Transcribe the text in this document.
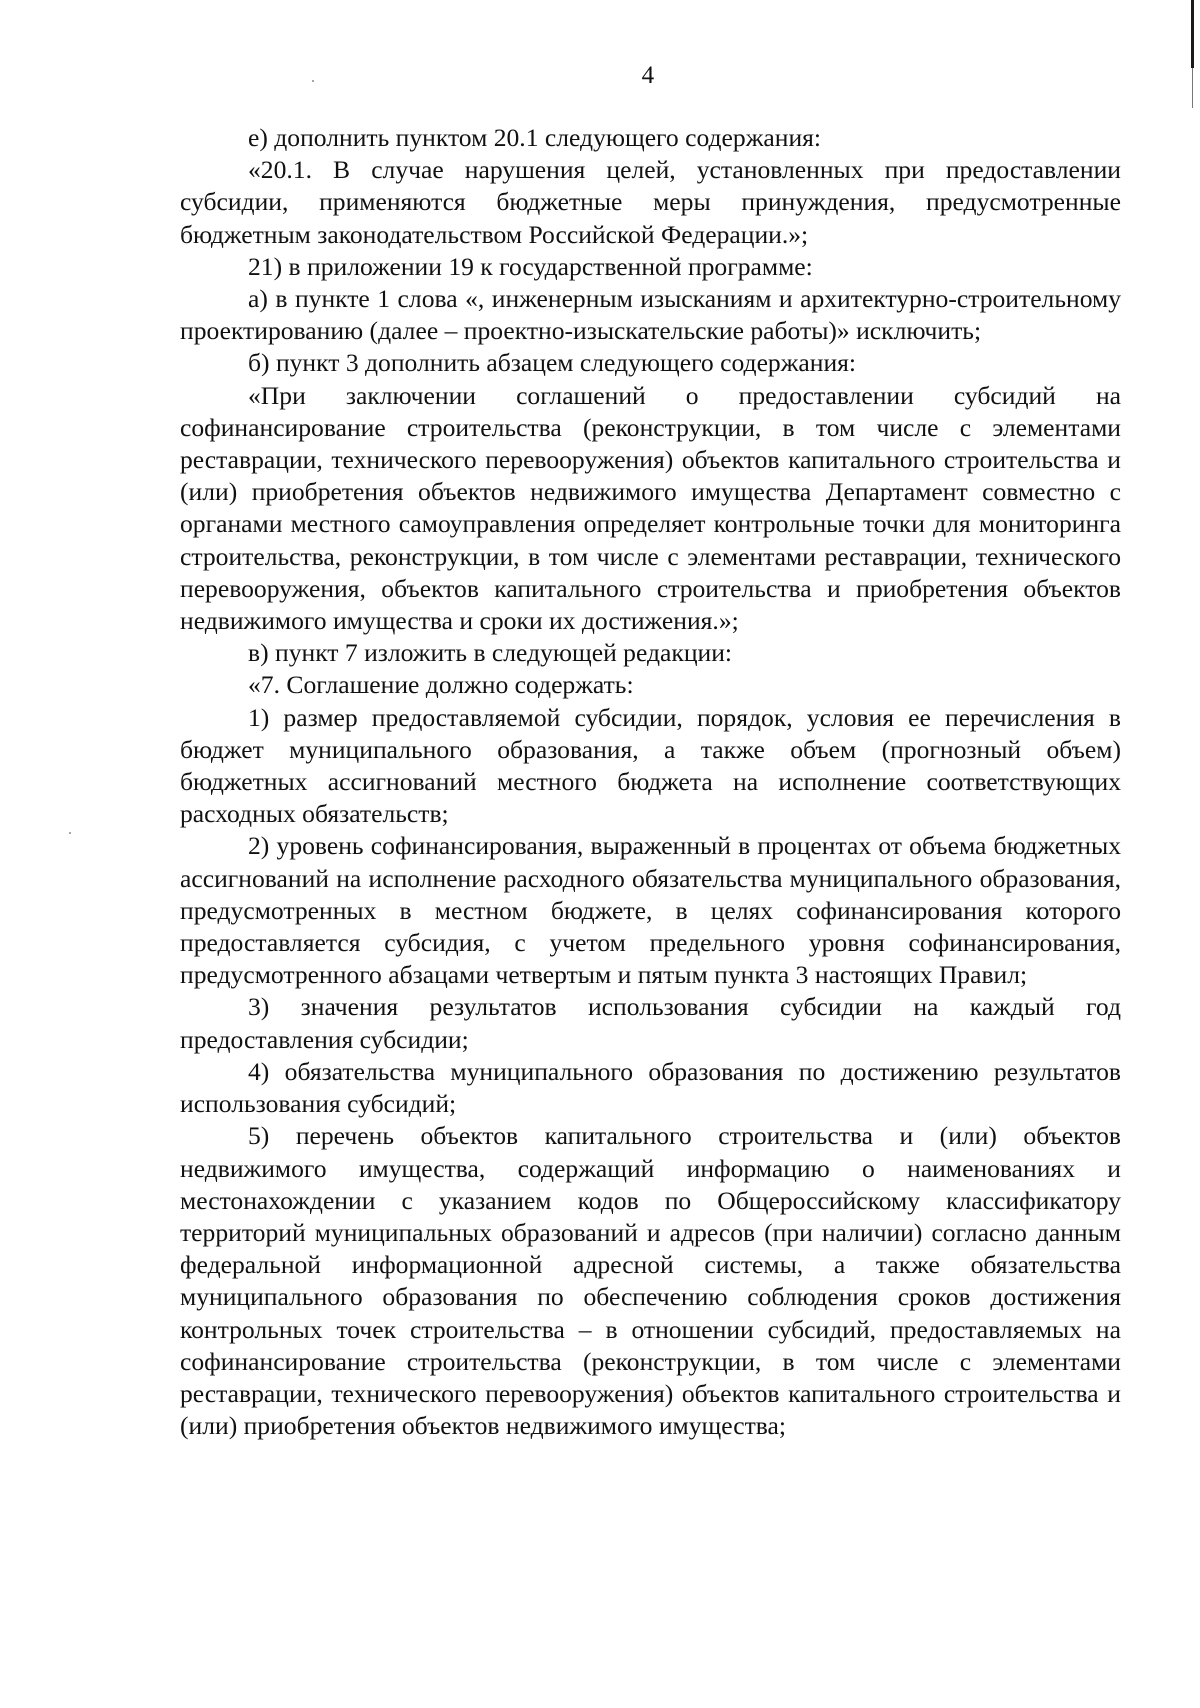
4

е) дополнить пунктом 20.1 следующего содержания:

«20.1. В случае нарушения целей, установленных при предоставлении субсидии, применяются бюджетные меры принуждения, предусмотренные бюджетным законодательством Российской Федерации.»;

21) в приложении 19 к государственной программе:

а) в пункте 1 слова «, инженерным изысканиям и архитектурно-строительному проектированию (далее – проектно-изыскательские работы)» исключить;

б) пункт 3 дополнить абзацем следующего содержания:

«При заключении соглашений о предоставлении субсидий на софинансирование строительства (реконструкции, в том числе с элементами реставрации, технического перевооружения) объектов капитального строительства и (или) приобретения объектов недвижимого имущества Департамент совместно с органами местного самоуправления определяет контрольные точки для мониторинга строительства, реконструкции, в том числе с элементами реставрации, технического перевооружения, объектов капитального строительства и приобретения объектов недвижимого имущества и сроки их достижения.»;

в) пункт 7 изложить в следующей редакции:

«7. Соглашение должно содержать:

1) размер предоставляемой субсидии, порядок, условия ее перечисления в бюджет муниципального образования, а также объем (прогнозный объем) бюджетных ассигнований местного бюджета на исполнение соответствующих расходных обязательств;

2) уровень софинансирования, выраженный в процентах от объема бюджетных ассигнований на исполнение расходного обязательства муниципального образования, предусмотренных в местном бюджете, в целях софинансирования которого предоставляется субсидия, с учетом предельного уровня софинансирования, предусмотренного абзацами четвертым и пятым пункта 3 настоящих Правил;

3) значения результатов использования субсидии на каждый год предоставления субсидии;

4) обязательства муниципального образования по достижению результатов использования субсидий;

5) перечень объектов капитального строительства и (или) объектов недвижимого имущества, содержащий информацию о наименованиях и местонахождении с указанием кодов по Общероссийскому классификатору территорий муниципальных образований и адресов (при наличии) согласно данным федеральной информационной адресной системы, а также обязательства муниципального образования по обеспечению соблюдения сроков достижения контрольных точек строительства – в отношении субсидий, предоставляемых на софинансирование строительства (реконструкции, в том числе с элементами реставрации, технического перевооружения) объектов капитального строительства и (или) приобретения объектов недвижимого имущества;
